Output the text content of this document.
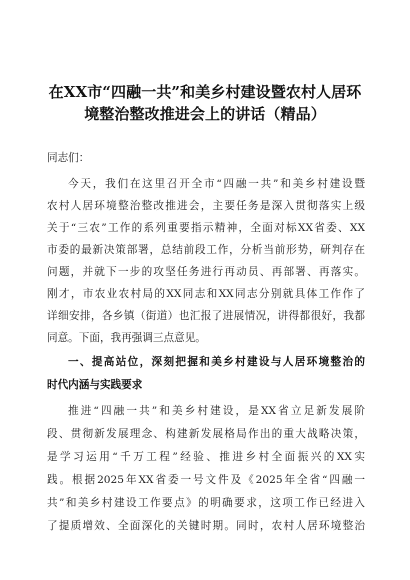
在XX市“四融一共”和美乡村建设暨农村人居环
境整治整改推进会上的讲话（精品）
同志们：
今天，我们在这里召开全市“四融一共”和美乡村建设暨
农村人居环境整治整改推进会，主要任务是深入贯彻落实上级
关于“三农”工作的系列重要指示精神，全面对标XX省委、XX
市委的最新决策部署，总结前段工作，分析当前形势，研判存在
问题，并就下一步的攻坚任务进行再动员、再部署、再落实。
刚才，市农业农村局的XX同志和XX同志分别就具体工作作了
详细安排，各乡镇（街道）也汇报了进展情况，讲得都很好，我都
同意。下面，我再强调三点意见。
一、提高站位，深刻把握和美乡村建设与人居环境整治的
时代内涵与实践要求
推进“四融一共”和美乡村建设，是XX省立足新发展阶
段、贯彻新发展理念、构建新发展格局作出的重大战略决策，
是学习运用“千万工程”经验、推进乡村全面振兴的XX实
践。根据2025年XX省委一号文件及《2025年全省“四融一
共”和美乡村建设工作要点》的明确要求，这项工作已经进入
了提质增效、全面深化的关键时期。同时，农村人居环境整治
